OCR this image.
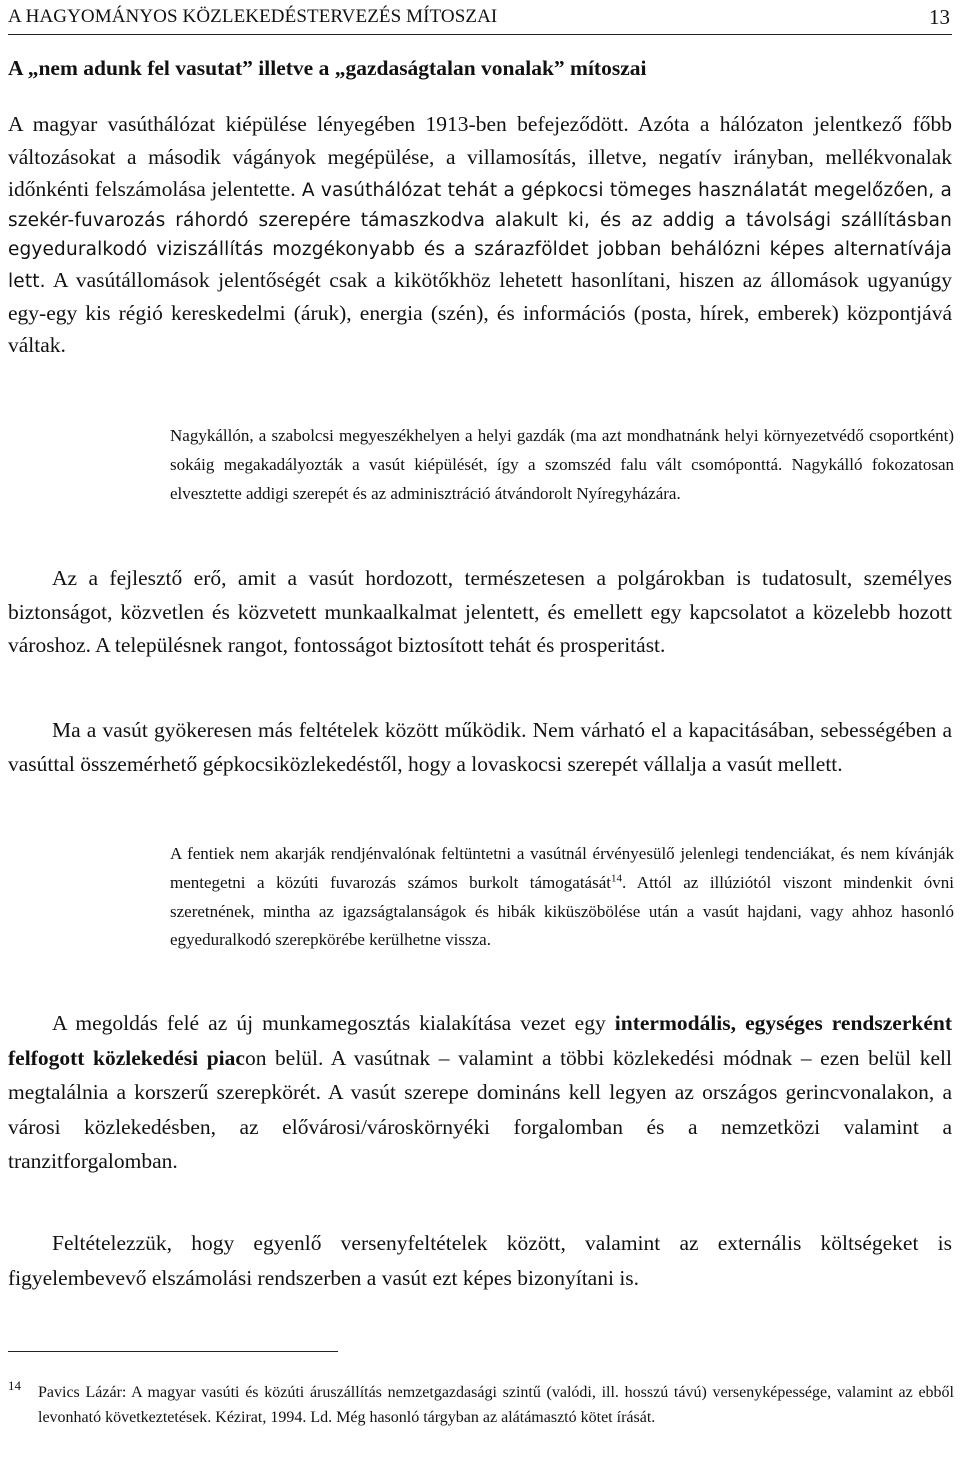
A HAGYOMÁNYOS KÖZLEKEDÉSTERVEZÉS MÍTOSZAI	13
A „nem adunk fel vasutat” illetve a „gazdaságtalan vonalak” mítoszai
A magyar vasúthálózat kiépülése lényegében 1913-ben befejeződött. Azóta a hálózaton jelentkező főbb változásokat a második vágányok megépülése, a villamosítás, illetve, negatív irányban, mellékvonalak időnkénti felszámolása jelentette. A vasúthálózat tehát a gépkocsi tömeges használatát megelőzően, a szekér-fuvarozás ráhordó szerepére támaszkodva alakult ki, és az addig a távolsági szállításban egyeduralkodó viziszállítás mozgékonyabb és a szárazföldet jobban behálózni képes alternatívája lett. A vasútállomások jelentőségét csak a kikötőkhöz lehetett hasonlítani, hiszen az állomások ugyanúgy egy-egy kis régió kereskedelmi (áruk), energia (szén), és információs (posta, hírek, emberek) központjává váltak.
Nagykállón, a szabolcsi megyeszékhelyen a helyi gazdák (ma azt mondhatnánk helyi környezetvédő csoportként) sokáig megakadályozták a vasút kiépülését, így a szomszéd falu vált csomóponttá. Nagykálló fokozatosan elvesztette addigi szerepét és az adminisztráció átvándorolt Nyíregyházára.
Az a fejlesztő erő, amit a vasút hordozott, természetesen a polgárokban is tudatosult, személyes biztonságot, közvetlen és közvetett munkaalkalmat jelentett, és emellett egy kapcsolatot a közelebb hozott városhoz. A településnek rangot, fontosságot biztosított tehát és prosperitást.
Ma a vasút gyökeresen más feltételek között működik. Nem várható el a kapacitásában, sebességében a vasúttal összemérhető gépkocsiközlekedéstől, hogy a lovaskocsi szerepét vállalja a vasút mellett.
A fentiek nem akarják rendjénvalónak feltüntetni a vasútnál érvényesülő jelenlegi tendenciákat, és nem kívánják mentegetni a közúti fuvarozás számos burkolt támogatását$^{14}$. Attól az illúziótól viszont mindenkit óvni szeretnének, mintha az igazságtalanságok és hibák kiküszöbölése után a vasút hajdani, vagy ahhoz hasonló egyeduralkodó szerepkörébe kerülhetne vissza.
A megoldás felé az új munkamegosztás kialakítása vezet egy intermodális, egységes rendszerként felfogott közlekedési piacon belül. A vasútnak – valamint a többi közlekedési módnak – ezen belül kell megtalálnia a korszerű szerepkörét. A vasút szerepe domináns kell legyen az országos gerincvonalakon, a városi közlekedésben, az elővárosi/városkörnyéki forgalomban és a nemzetközi valamint a tranzitforgalomban.
Feltételezzük, hogy egyenlő versenyfeltételek között, valamint az externális költségeket is figyelembevevő elszámolási rendszerben a vasút ezt képes bizonyítani is.
14 Pavics Lázár: A magyar vasúti és közúti áruszállítás nemzetgazdasági szintű (valódi, ill. hosszú távú) versenyképessége, valamint az ebből levonható következtetések. Kézirat, 1994. Ld. Még hasonló tárgyban az alátámasztó kötet írását.
